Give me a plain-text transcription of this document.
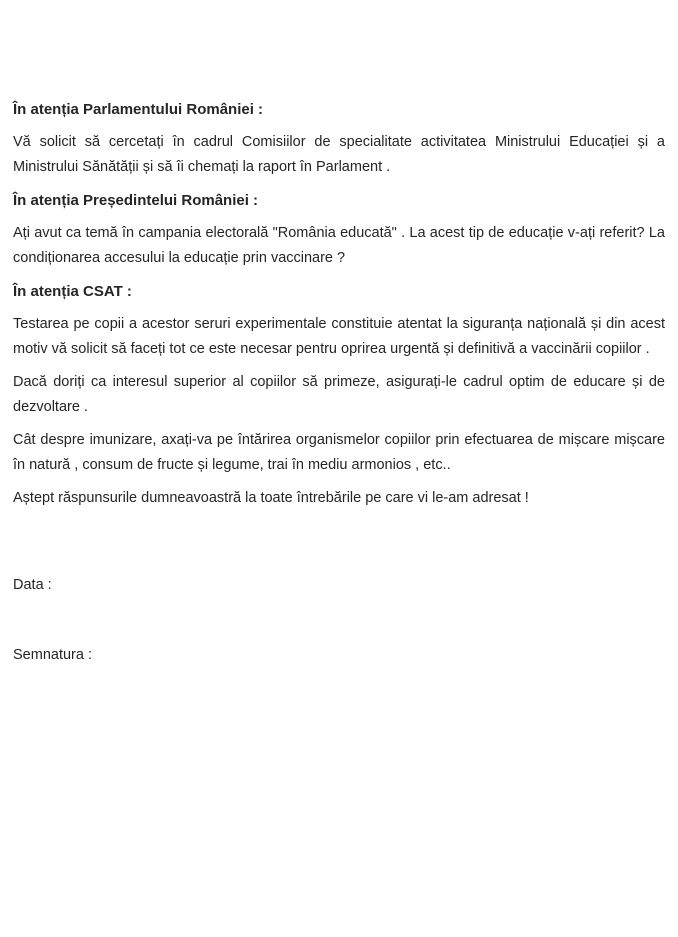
În atenția Parlamentului României :

Vă solicit să cercetați în cadrul Comisiilor de specialitate activitatea Ministrului Educației și a Ministrului Sănătății și să îi chemați la raport în Parlament .

În atenția Președintelui României :

Ați avut ca temă în campania electorală "România educată" . La acest tip de educație v-ați referit? La condiționarea accesului la educație prin vaccinare ?

În atenția CSAT :

Testarea pe copii a acestor seruri experimentale constituie atentat la siguranța națională și din acest motiv vă solicit să faceți tot ce este necesar pentru oprirea urgentă și definitivă a vaccinării copiilor .

Dacă doriți ca interesul superior al copiilor să primeze, asigurați-le cadrul optim de educare și de dezvoltare .

Cât despre imunizare, axați-va pe întărirea organismelor copiilor prin efectuarea de mișcare mișcare în natură , consum de fructe și legume, trai în mediu armonios , etc..

Aștept răspunsurile dumneavoastră la toate întrebările pe care vi le-am adresat !

Data :

Semnatura :
